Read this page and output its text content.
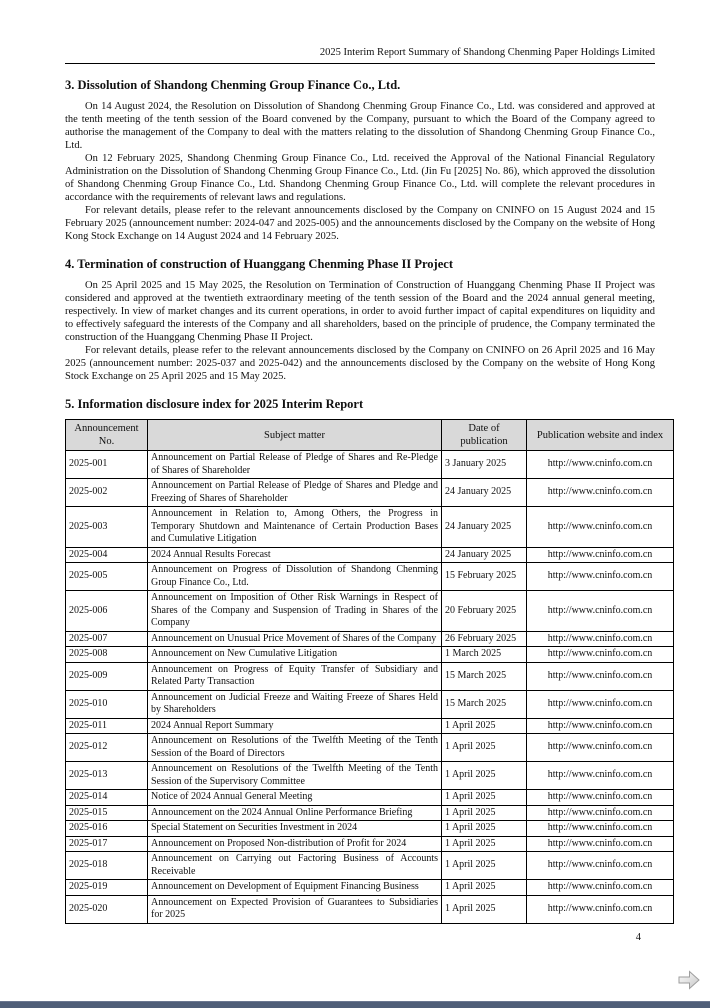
2025 Interim Report Summary of Shandong Chenming Paper Holdings Limited
3. Dissolution of Shandong Chenming Group Finance Co., Ltd.

On 14 August 2024, the Resolution on Dissolution of Shandong Chenming Group Finance Co., Ltd. was considered and approved at the tenth meeting of the tenth session of the Board convened by the Company, pursuant to which the Board of the Company agreed to authorise the management of the Company to deal with the matters relating to the dissolution of Shandong Chenming Group Finance Co., Ltd.

On 12 February 2025, Shandong Chenming Group Finance Co., Ltd. received the Approval of the National Financial Regulatory Administration on the Dissolution of Shandong Chenming Group Finance Co., Ltd. (Jin Fu [2025] No. 86), which approved the dissolution of Shandong Chenming Group Finance Co., Ltd. Shandong Chenming Group Finance Co., Ltd. will complete the relevant procedures in accordance with the requirements of relevant laws and regulations.

For relevant details, please refer to the relevant announcements disclosed by the Company on CNINFO on 15 August 2024 and 15 February 2025 (announcement number: 2024-047 and 2025-005) and the announcements disclosed by the Company on the website of Hong Kong Stock Exchange on 14 August 2024 and 14 February 2025.

4. Termination of construction of Huanggang Chenming Phase II Project

On 25 April 2025 and 15 May 2025, the Resolution on Termination of Construction of Huanggang Chenming Phase II Project was considered and approved at the twentieth extraordinary meeting of the tenth session of the Board and the 2024 annual general meeting, respectively. In view of market changes and its current operations, in order to avoid further impact of capital expenditures on liquidity and to effectively safeguard the interests of the Company and all shareholders, based on the principle of prudence, the Company terminated the construction of the Huanggang Chenming Phase II Project.

For relevant details, please refer to the relevant announcements disclosed by the Company on CNINFO on 26 April 2025 and 16 May 2025 (announcement number: 2025-037 and 2025-042) and the announcements disclosed by the Company on the website of Hong Kong Stock Exchange on 25 April 2025 and 15 May 2025.

5. Information disclosure index for 2025 Interim Report
Announcement No.	Subject matter	Date of publication	Publication website and index
2025-001	Announcement on Partial Release of Pledge of Shares and Re-Pledge of Shares of Shareholder	3 January 2025	http://www.cninfo.com.cn
2025-002	Announcement on Partial Release of Pledge of Shares and Pledge and Freezing of Shares of Shareholder	24 January 2025	http://www.cninfo.com.cn
2025-003	Announcement in Relation to, Among Others, the Progress in Temporary Shutdown and Maintenance of Certain Production Bases and Cumulative Litigation	24 January 2025	http://www.cninfo.com.cn
2025-004	2024 Annual Results Forecast	24 January 2025	http://www.cninfo.com.cn
2025-005	Announcement on Progress of Dissolution of Shandong Chenming Group Finance Co., Ltd.	15 February 2025	http://www.cninfo.com.cn
2025-006	Announcement on Imposition of Other Risk Warnings in Respect of Shares of the Company and Suspension of Trading in Shares of the Company	20 February 2025	http://www.cninfo.com.cn
2025-007	Announcement on Unusual Price Movement of Shares of the Company	26 February 2025	http://www.cninfo.com.cn
2025-008	Announcement on New Cumulative Litigation	1 March 2025	http://www.cninfo.com.cn
2025-009	Announcement on Progress of Equity Transfer of Subsidiary and Related Party Transaction	15 March 2025	http://www.cninfo.com.cn
2025-010	Announcement on Judicial Freeze and Waiting Freeze of Shares Held by Shareholders	15 March 2025	http://www.cninfo.com.cn
2025-011	2024 Annual Report Summary	1 April 2025	http://www.cninfo.com.cn
2025-012	Announcement on Resolutions of the Twelfth Meeting of the Tenth Session of the Board of Directors	1 April 2025	http://www.cninfo.com.cn
2025-013	Announcement on Resolutions of the Twelfth Meeting of the Tenth Session of the Supervisory Committee	1 April 2025	http://www.cninfo.com.cn
2025-014	Notice of 2024 Annual General Meeting	1 April 2025	http://www.cninfo.com.cn
2025-015	Announcement on the 2024 Annual Online Performance Briefing	1 April 2025	http://www.cninfo.com.cn
2025-016	Special Statement on Securities Investment in 2024	1 April 2025	http://www.cninfo.com.cn
2025-017	Announcement on Proposed Non-distribution of Profit for 2024	1 April 2025	http://www.cninfo.com.cn
2025-018	Announcement on Carrying out Factoring Business of Accounts Receivable	1 April 2025	http://www.cninfo.com.cn
2025-019	Announcement on Development of Equipment Financing Business	1 April 2025	http://www.cninfo.com.cn
2025-020	Announcement on Expected Provision of Guarantees to Subsidiaries for 2025	1 April 2025	http://www.cninfo.com.cn
4
